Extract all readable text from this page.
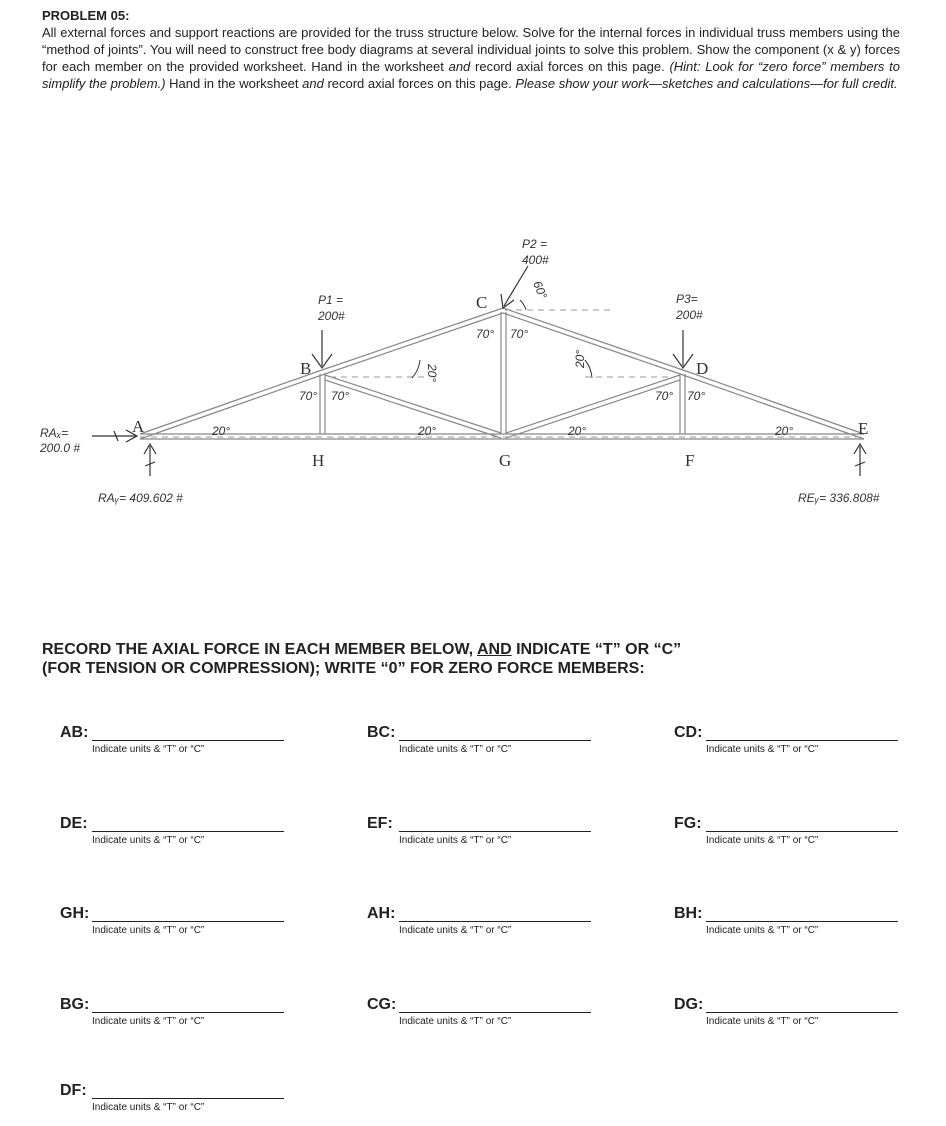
PROBLEM 05:

All external forces and support reactions are provided for the truss structure below. Solve for the internal forces in individual truss members using the “method of joints”. You will need to construct free body diagrams at several individual joints to solve this problem. Show the component (x & y) forces for each member on the provided worksheet. Hand in the worksheet and record axial forces on this page. (Hint: Look for “zero force” members to simplify the problem.) Hand in the worksheet and record axial forces on this page. Please show your work—sketches and calculations—for full credit.

A
B
C
D
E
F
G
H
P1 =
200#
P2 =
400#
P3=
200#
RAₓ=
200.0 #
RAᵧ= 409.602 #	REᵧ= 336.808#
20°	20°	20°	20°
70° 70°
70° 70°
70° 70°
20°
20°
60°

RECORD THE AXIAL FORCE IN EACH MEMBER BELOW, AND INDICATE “T” OR “C”
(FOR TENSION OR COMPRESSION); WRITE “0” FOR ZERO FORCE MEMBERS:

AB:
Indicate units & “T” or “C”
BC:
Indicate units & “T” or “C”
CD:
Indicate units & “T” or “C”
DE:
Indicate units & “T” or “C”
EF:
Indicate units & “T” or “C”
FG:
Indicate units & “T” or “C”
GH:
Indicate units & “T” or “C”
AH:
Indicate units & “T” or “C”
BH:
Indicate units & “T” or “C”
BG:
Indicate units & “T” or “C”
CG:
Indicate units & “T” or “C”
DG:
Indicate units & “T” or “C”
DF:
Indicate units & “T” or “C”
